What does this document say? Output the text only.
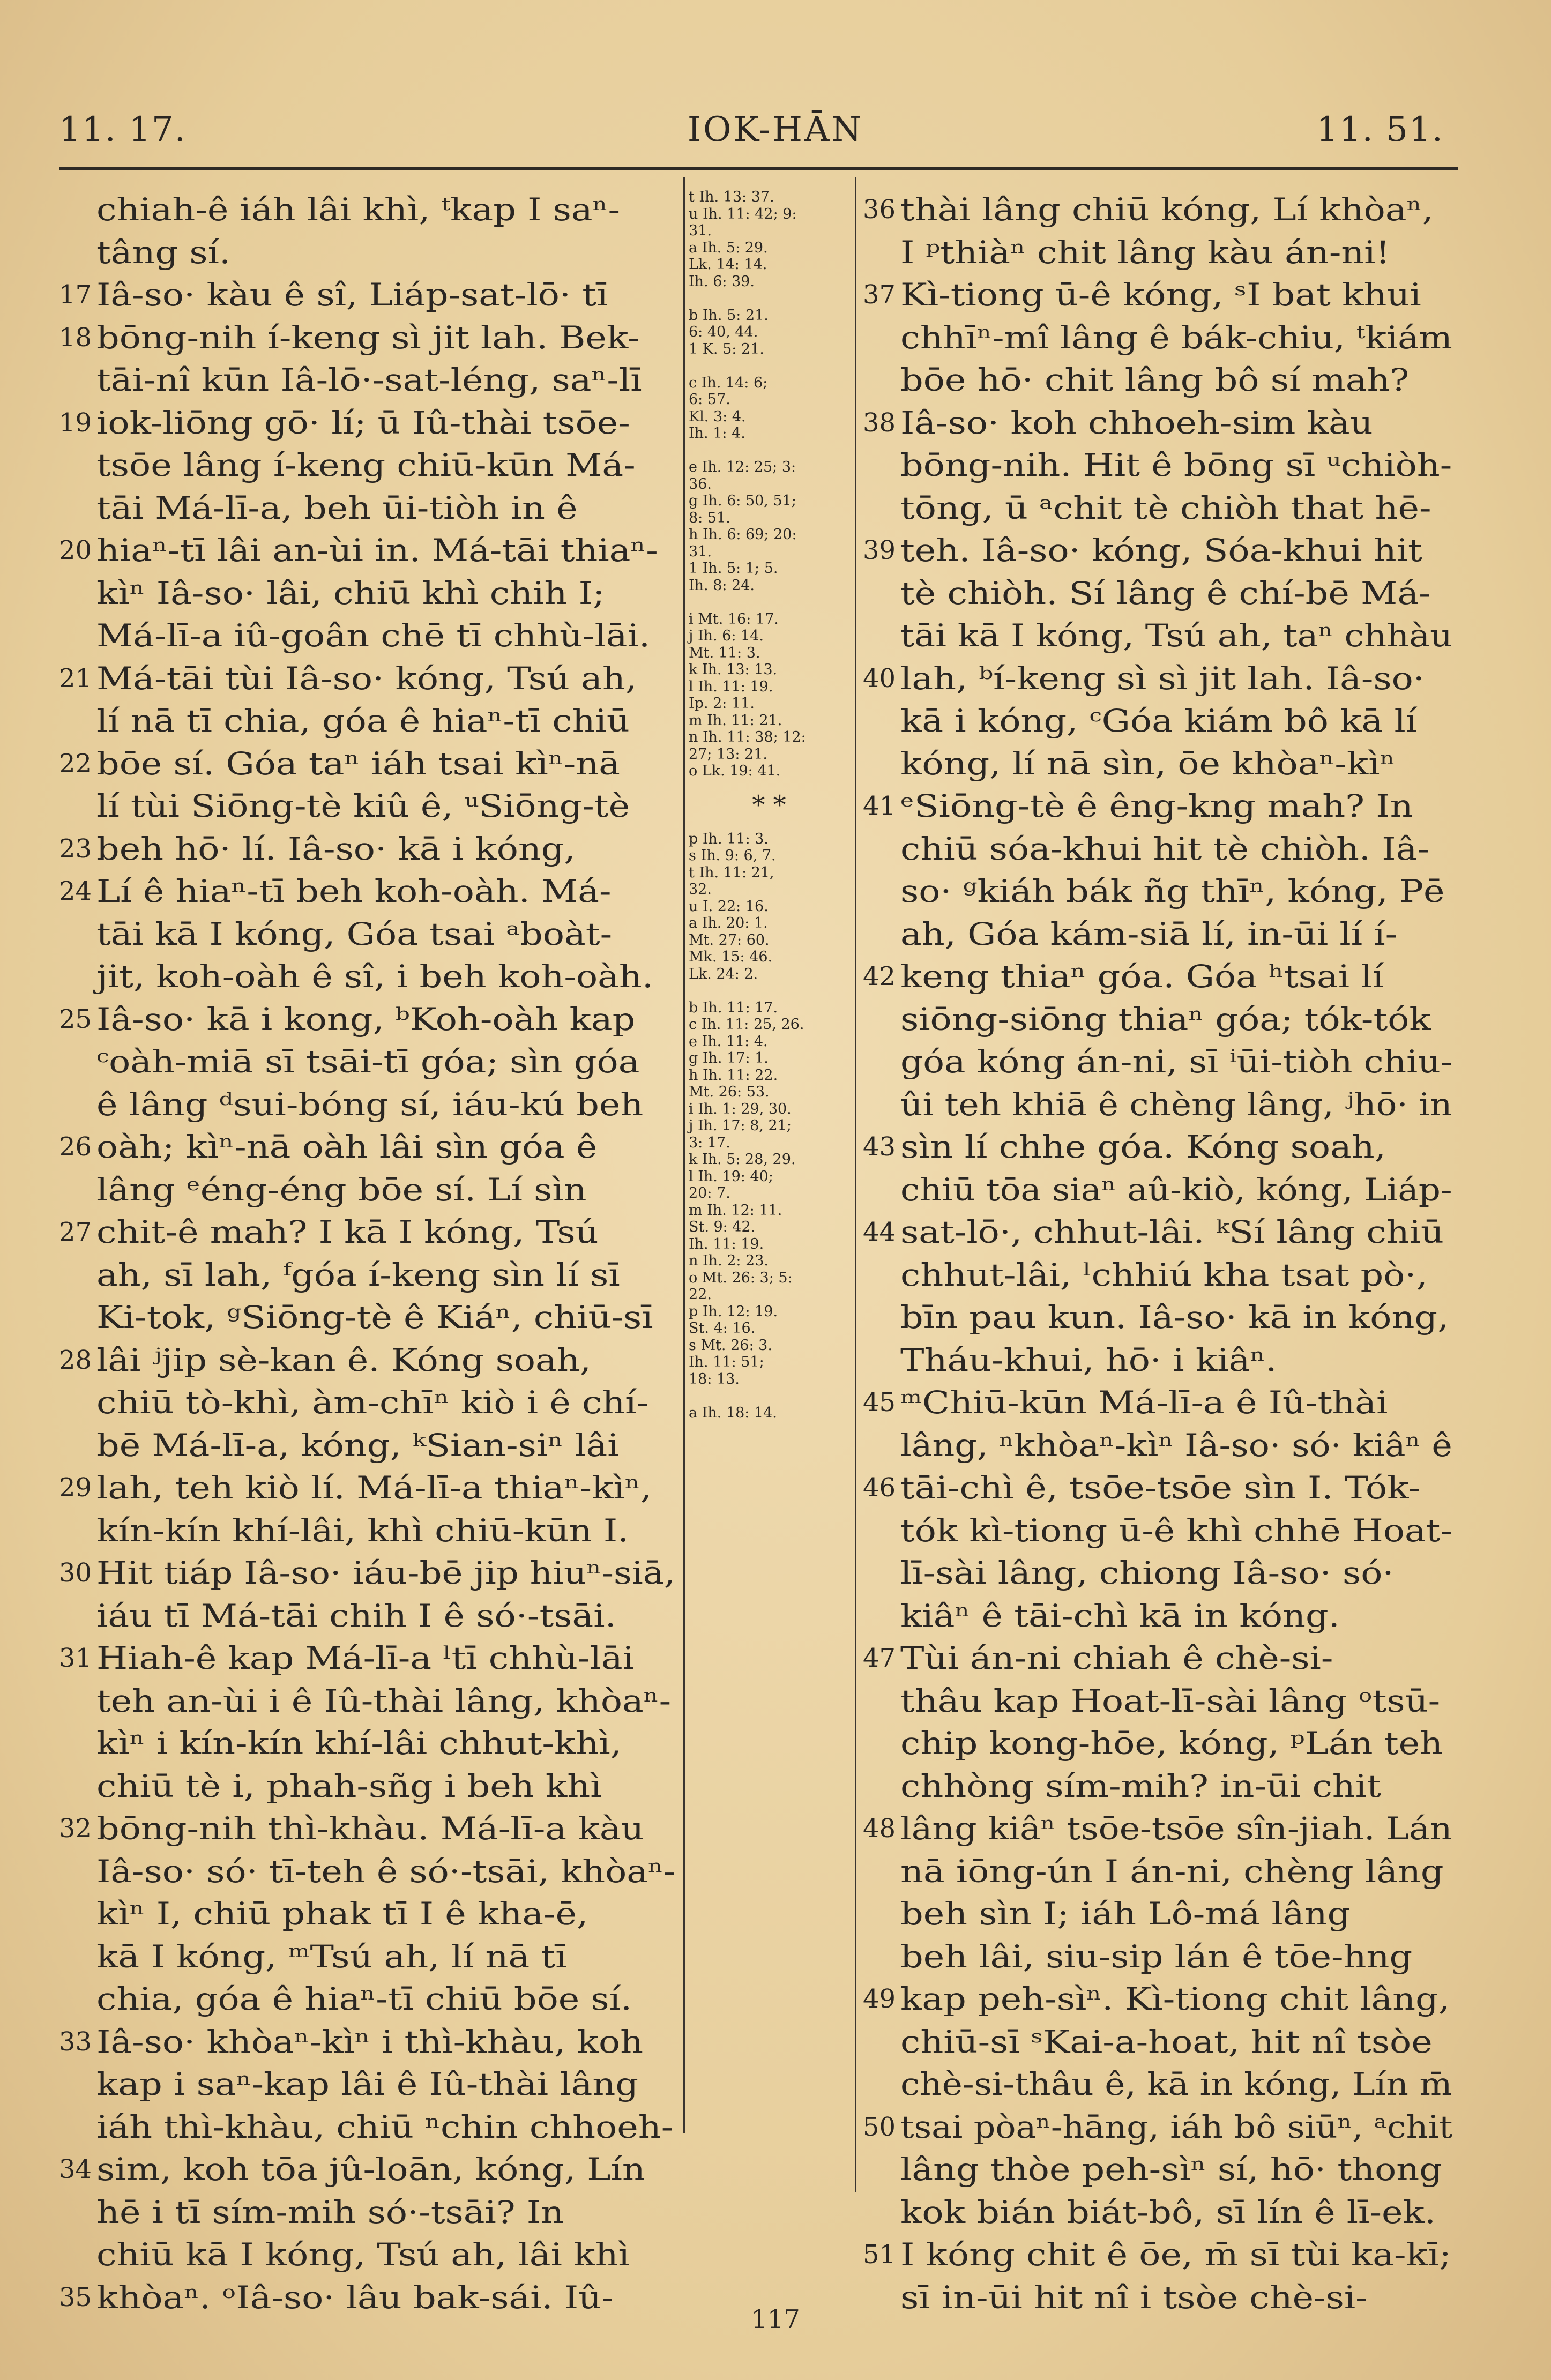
11. 17.	IOK-HĀN	11. 51.
chiah-ê iáh lâi khì, ᵗkap I saⁿ-
tâng sí.
17 Iâ-so· kàu ê sî, Liáp-sat-lō· tī
18 bōng-nih í-keng sì jit lah. Bek-
tāi-nî kūn Iâ-lō·-sat-léng, saⁿ-lī
19 iok-liōng gō· lí; ū Iû-thài tsōe-
tsōe lâng í-keng chiū-kūn Má-
tāi Má-lī-a, beh ūi-tiòh in ê
20 hiaⁿ-tī lâi an-ùi in. Má-tāi thiaⁿ-
kìⁿ Iâ-so· lâi, chiū khì chih I;
Má-lī-a iû-goân chē tī chhù-lāi.
21 Má-tāi tùi Iâ-so· kóng, Tsú ah,
lí nā tī chia, góa ê hiaⁿ-tī chiū
22 bōe sí. Góa taⁿ iáh tsai kìⁿ-nā
lí tùi Siōng-tè kiû ê, ᵘSiōng-tè
23 beh hō· lí. Iâ-so· kā i kóng,
24 Lí ê hiaⁿ-tī beh koh-oàh. Má-
tāi kā I kóng, Góa tsai ᵃboàt-
jit, koh-oàh ê sî, i beh koh-oàh.
25 Iâ-so· kā i kong, ᵇKoh-oàh kap
ᶜoàh-miā sī tsāi-tī góa; sìn góa
ê lâng ᵈsui-bóng sí, iáu-kú beh
26 oàh; kìⁿ-nā oàh lâi sìn góa ê
lâng ᵉéng-éng bōe sí. Lí sìn
27 chit-ê mah? I kā I kóng, Tsú
ah, sī lah, ᶠgóa í-keng sìn lí sī
Ki-tok, ᵍSiōng-tè ê Kiáⁿ, chiū-sī
28 lâi ʲjip sè-kan ê. Kóng soah,
chiū tò-khì, àm-chīⁿ kiò i ê chí-
bē Má-lī-a, kóng, ᵏSian-siⁿ lâi
29 lah, teh kiò lí. Má-lī-a thiaⁿ-kìⁿ,
kín-kín khí-lâi, khì chiū-kūn I.
30 Hit tiáp Iâ-so· iáu-bē jip hiuⁿ-siā,
iáu tī Má-tāi chih I ê só·-tsāi.
31 Hiah-ê kap Má-lī-a ˡtī chhù-lāi
teh an-ùi i ê Iû-thài lâng, khòaⁿ-
kìⁿ i kín-kín khí-lâi chhut-khì,
chiū tè i, phah-sñg i beh khì
32 bōng-nih thì-khàu. Má-lī-a kàu
Iâ-so· só· tī-teh ê só·-tsāi, khòaⁿ-
kìⁿ I, chiū phak tī I ê kha-ē,
kā I kóng, ᵐTsú ah, lí nā tī
chia, góa ê hiaⁿ-tī chiū bōe sí.
33 Iâ-so· khòaⁿ-kìⁿ i thì-khàu, koh
kap i saⁿ-kap lâi ê Iû-thài lâng
iáh thì-khàu, chiū ⁿchin chhoeh-
34 sim, koh tōa jû-loān, kóng, Lín
hē i tī sím-mih só·-tsāi? In
chiū kā I kóng, Tsú ah, lâi khì
35 khòaⁿ. ᵒIâ-so· lâu bak-sái. Iû-
t Ih. 13: 37.
u Ih. 11: 42; 9:
31.
a Ih. 5: 29.
Lk. 14: 14.
Ih. 6: 39.
b Ih. 5: 21.
6: 40, 44.
1 K. 5: 21.
c Ih. 14: 6;
6: 57.
Kl. 3: 4.
Ih. 1: 4.
e Ih. 12: 25; 3:
36.
g Ih. 6: 50, 51;
8: 51.
h Ih. 6: 69; 20:
31.
1 Ih. 5: 1; 5.
Ih. 8: 24.
i Mt. 16: 17.
j Ih. 6: 14.
Mt. 11: 3.
k Ih. 13: 13.
l Ih. 11: 19.
Ip. 2: 11.
m Ih. 11: 21.
n Ih. 11: 38; 12:
27; 13: 21.
o Lk. 19: 41.
* *
p Ih. 11: 3.
s Ih. 9: 6, 7.
t Ih. 11: 21,
32.
u I. 22: 16.
a Ih. 20: 1.
Mt. 27: 60.
Mk. 15: 46.
Lk. 24: 2.
b Ih. 11: 17.
c Ih. 11: 25, 26.
e Ih. 11: 4.
g Ih. 17: 1.
h Ih. 11: 22.
Mt. 26: 53.
i Ih. 1: 29, 30.
j Ih. 17: 8, 21;
3: 17.
k Ih. 5: 28, 29.
l Ih. 19: 40;
20: 7.
m Ih. 12: 11.
St. 9: 42.
Ih. 11: 19.
n Ih. 2: 23.
o Mt. 26: 3; 5:
22.
p Ih. 12: 19.
St. 4: 16.
s Mt. 26: 3.
Ih. 11: 51;
18: 13.
a Ih. 18: 14.
36 thài lâng chiū kóng, Lí khòaⁿ,
I ᵖthiàⁿ chit lâng kàu án-ni!
37 Kì-tiong ū-ê kóng, ˢI bat khui
chhīⁿ-mî lâng ê bák-chiu, ᵗkiám
bōe hō· chit lâng bô sí mah?
38 Iâ-so· koh chhoeh-sim kàu
bōng-nih. Hit ê bōng sī ᵘchiòh-
tōng, ū ᵃchit tè chiòh that hē-
39 teh. Iâ-so· kóng, Sóa-khui hit
tè chiòh. Sí lâng ê chí-bē Má-
tāi kā I kóng, Tsú ah, taⁿ chhàu
40 lah, ᵇí-keng sì sì jit lah. Iâ-so·
kā i kóng, ᶜGóa kiám bô kā lí
kóng, lí nā sìn, ōe khòaⁿ-kìⁿ
41 ᵉSiōng-tè ê êng-kng mah? In
chiū sóa-khui hit tè chiòh. Iâ-
so· ᵍkiáh bák ñg thīⁿ, kóng, Pē
ah, Góa kám-siā lí, in-ūi lí í-
42 keng thiaⁿ góa. Góa ʰtsai lí
siōng-siōng thiaⁿ góa; tók-tók
góa kóng án-ni, sī ⁱūi-tiòh chiu-
ûi teh khiā ê chèng lâng, ʲhō· in
43 sìn lí chhe góa. Kóng soah,
chiū tōa siaⁿ aû-kiò, kóng, Liáp-
44 sat-lō·, chhut-lâi. ᵏSí lâng chiū
chhut-lâi, ˡchhiú kha tsat pò·,
bīn pau kun. Iâ-so· kā in kóng,
Tháu-khui, hō· i kiâⁿ.
45 ᵐChiū-kūn Má-lī-a ê Iû-thài
lâng, ⁿkhòaⁿ-kìⁿ Iâ-so· só· kiâⁿ ê
46 tāi-chì ê, tsōe-tsōe sìn I. Tók-
tók kì-tiong ū-ê khì chhē Hoat-
lī-sài lâng, chiong Iâ-so· só·
kiâⁿ ê tāi-chì kā in kóng.
47 Tùi án-ni chiah ê chè-si-
thâu kap Hoat-lī-sài lâng ᵒtsū-
chip kong-hōe, kóng, ᵖLán teh
chhòng sím-mih? in-ūi chit
48 lâng kiâⁿ tsōe-tsōe sîn-jiah. Lán
nā iōng-ún I án-ni, chèng lâng
beh sìn I; iáh Lô-má lâng
beh lâi, siu-sip lán ê tōe-hng
49 kap peh-sìⁿ. Kì-tiong chit lâng,
chiū-sī ˢKai-a-hoat, hit nî tsòe
chè-si-thâu ê, kā in kóng, Lín m̄
50 tsai pòaⁿ-hāng, iáh bô siūⁿ, ᵃchit
lâng thòe peh-sìⁿ sí, hō· thong
kok bián biát-bô, sī lín ê lī-ek.
51 I kóng chit ê ōe, m̄ sī tùi ka-kī;
sī in-ūi hit nî i tsòe chè-si-
117
